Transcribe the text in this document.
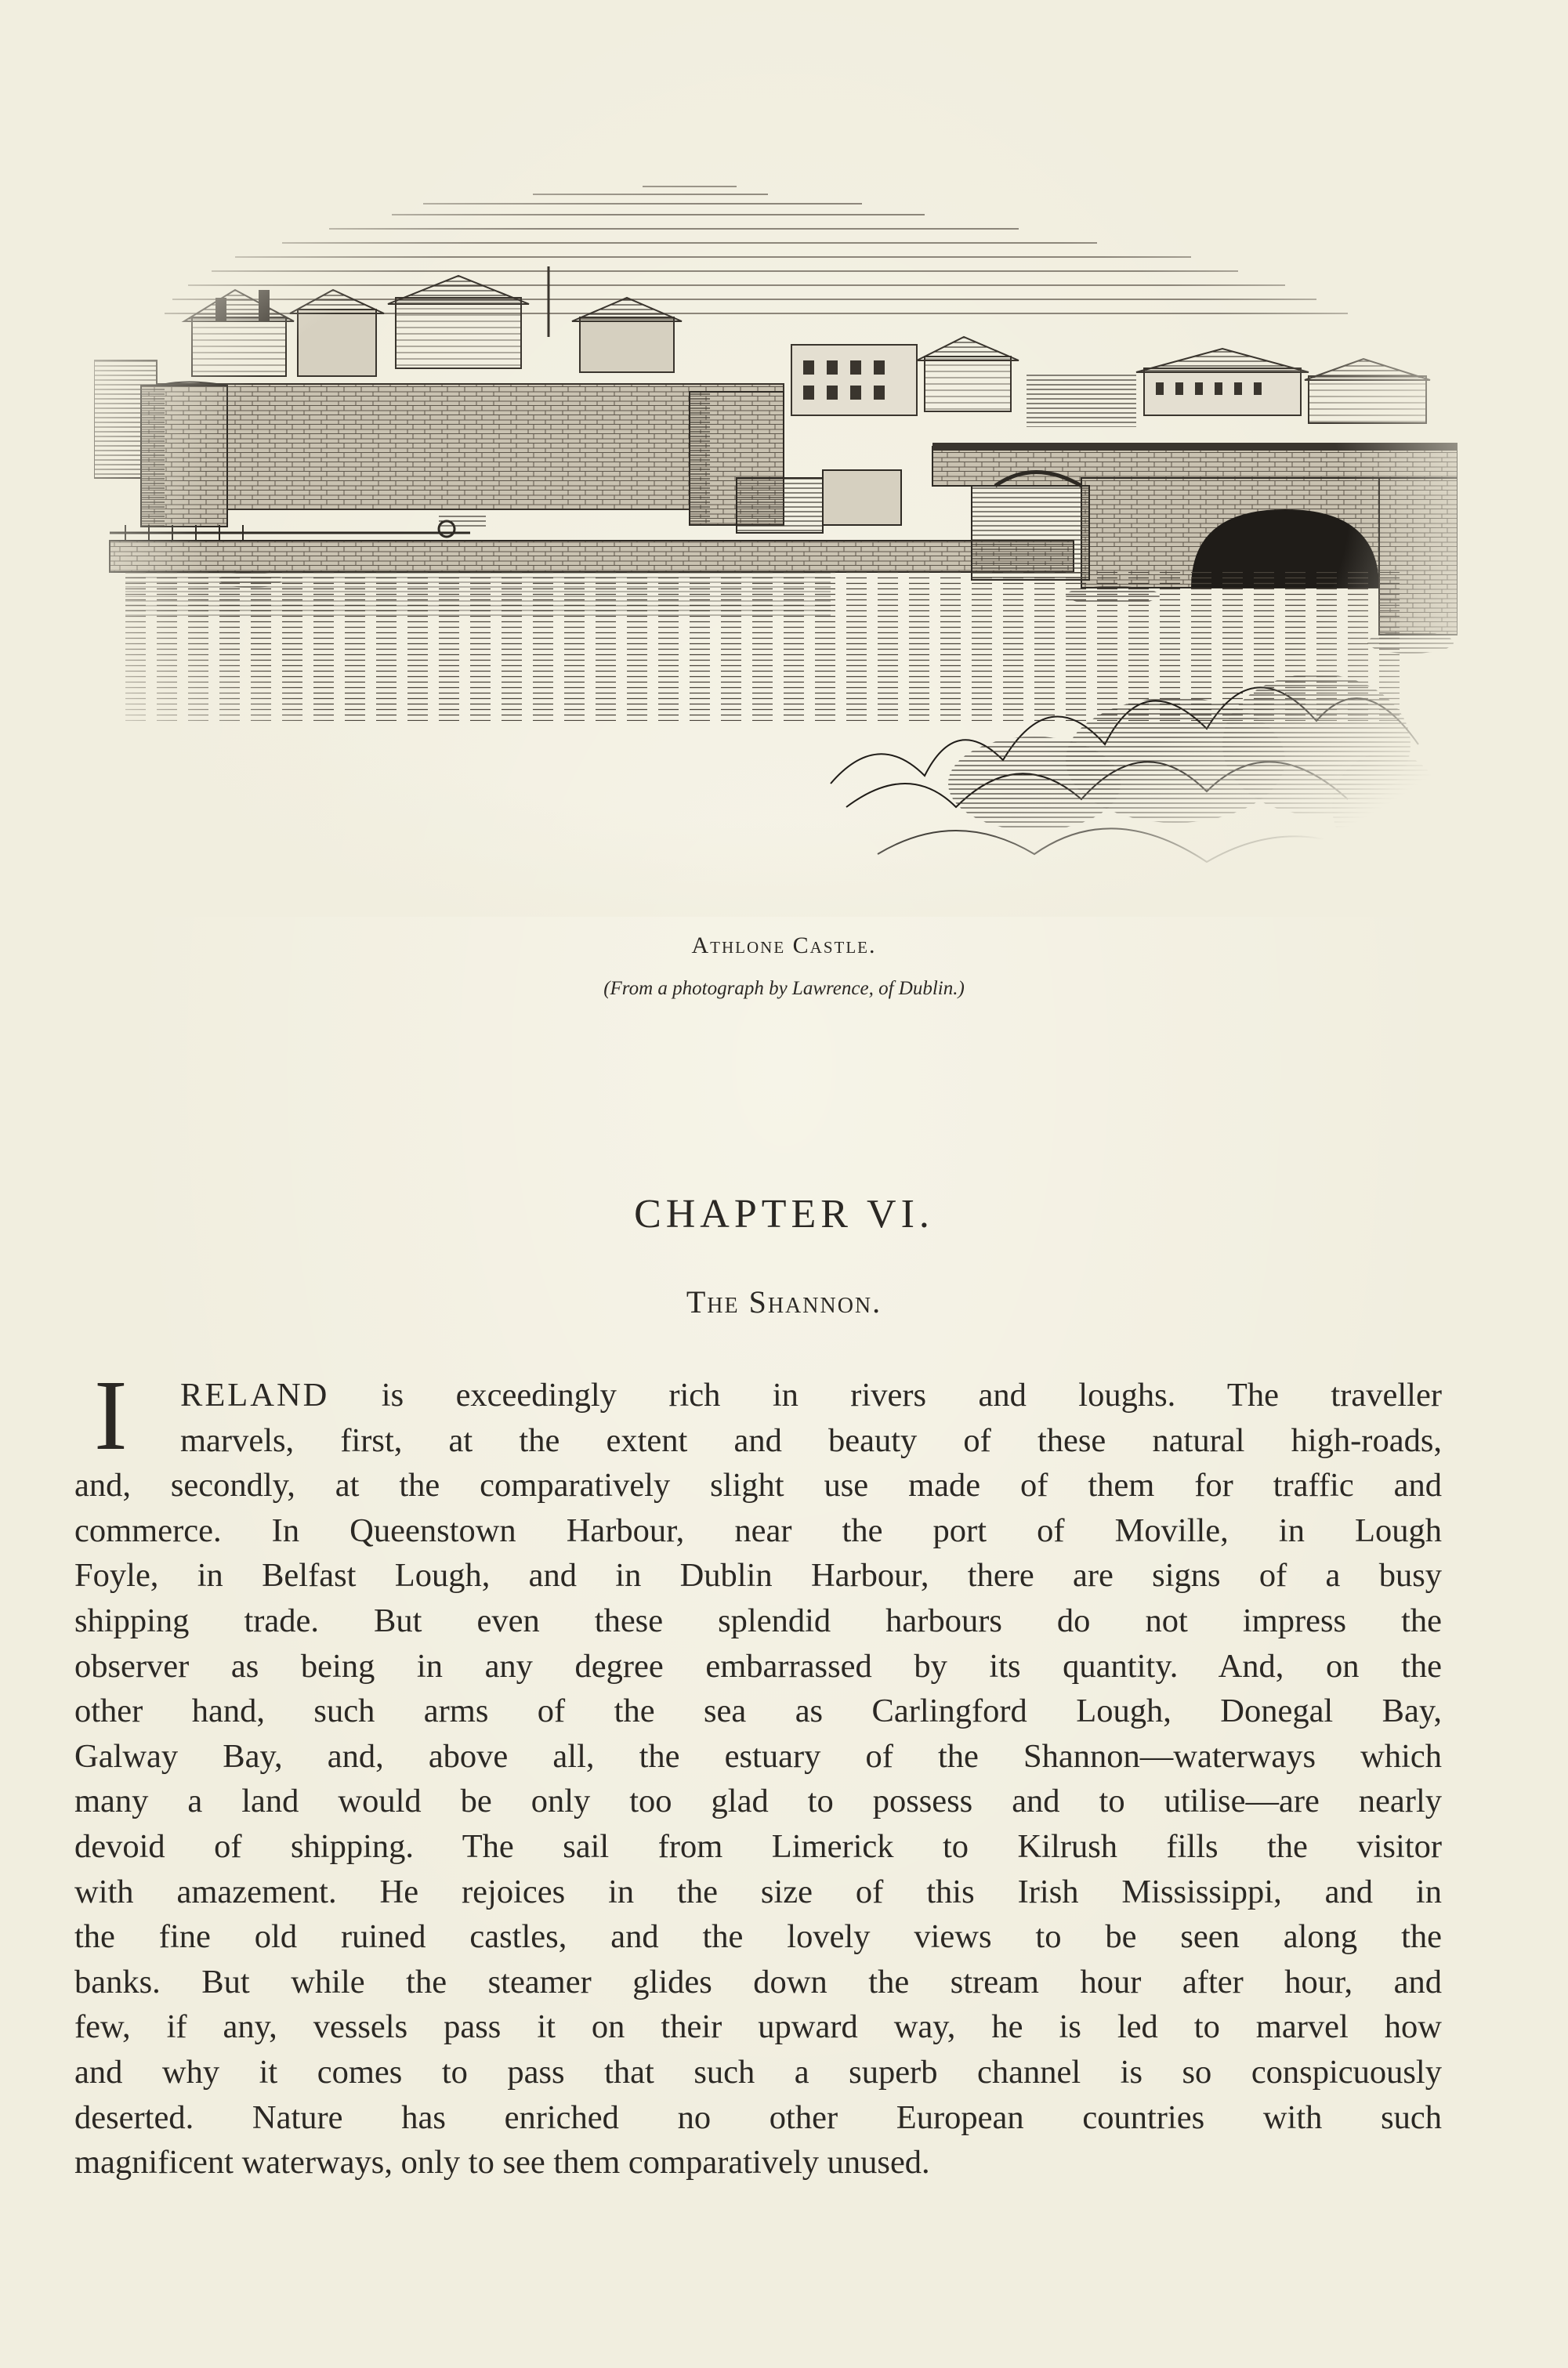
Athlone Castle.
(From a photograph by Lawrence, of Dublin.)
CHAPTER VI.
The Shannon.
I	RELAND is exceedingly rich in rivers and loughs. The traveller
marvels, first, at the extent and beauty of these natural high-roads,
and, secondly, at the comparatively slight use made of them for traffic and
commerce. In Queenstown Harbour, near the port of Moville, in Lough
Foyle, in Belfast Lough, and in Dublin Harbour, there are signs of a busy
shipping trade. But even these splendid harbours do not impress the
observer as being in any degree embarrassed by its quantity. And, on the
other hand, such arms of the sea as Carlingford Lough, Donegal Bay,
Galway Bay, and, above all, the estuary of the Shannon—waterways which
many a land would be only too glad to possess and to utilise—are nearly
devoid of shipping. The sail from Limerick to Kilrush fills the visitor
with amazement. He rejoices in the size of this Irish Mississippi, and in
the fine old ruined castles, and the lovely views to be seen along the
banks. But while the steamer glides down the stream hour after hour, and
few, if any, vessels pass it on their upward way, he is led to marvel how
and why it comes to pass that such a superb channel is so conspicuously
deserted. Nature has enriched no other European countries with such
magnificent waterways, only to see them comparatively unused.
